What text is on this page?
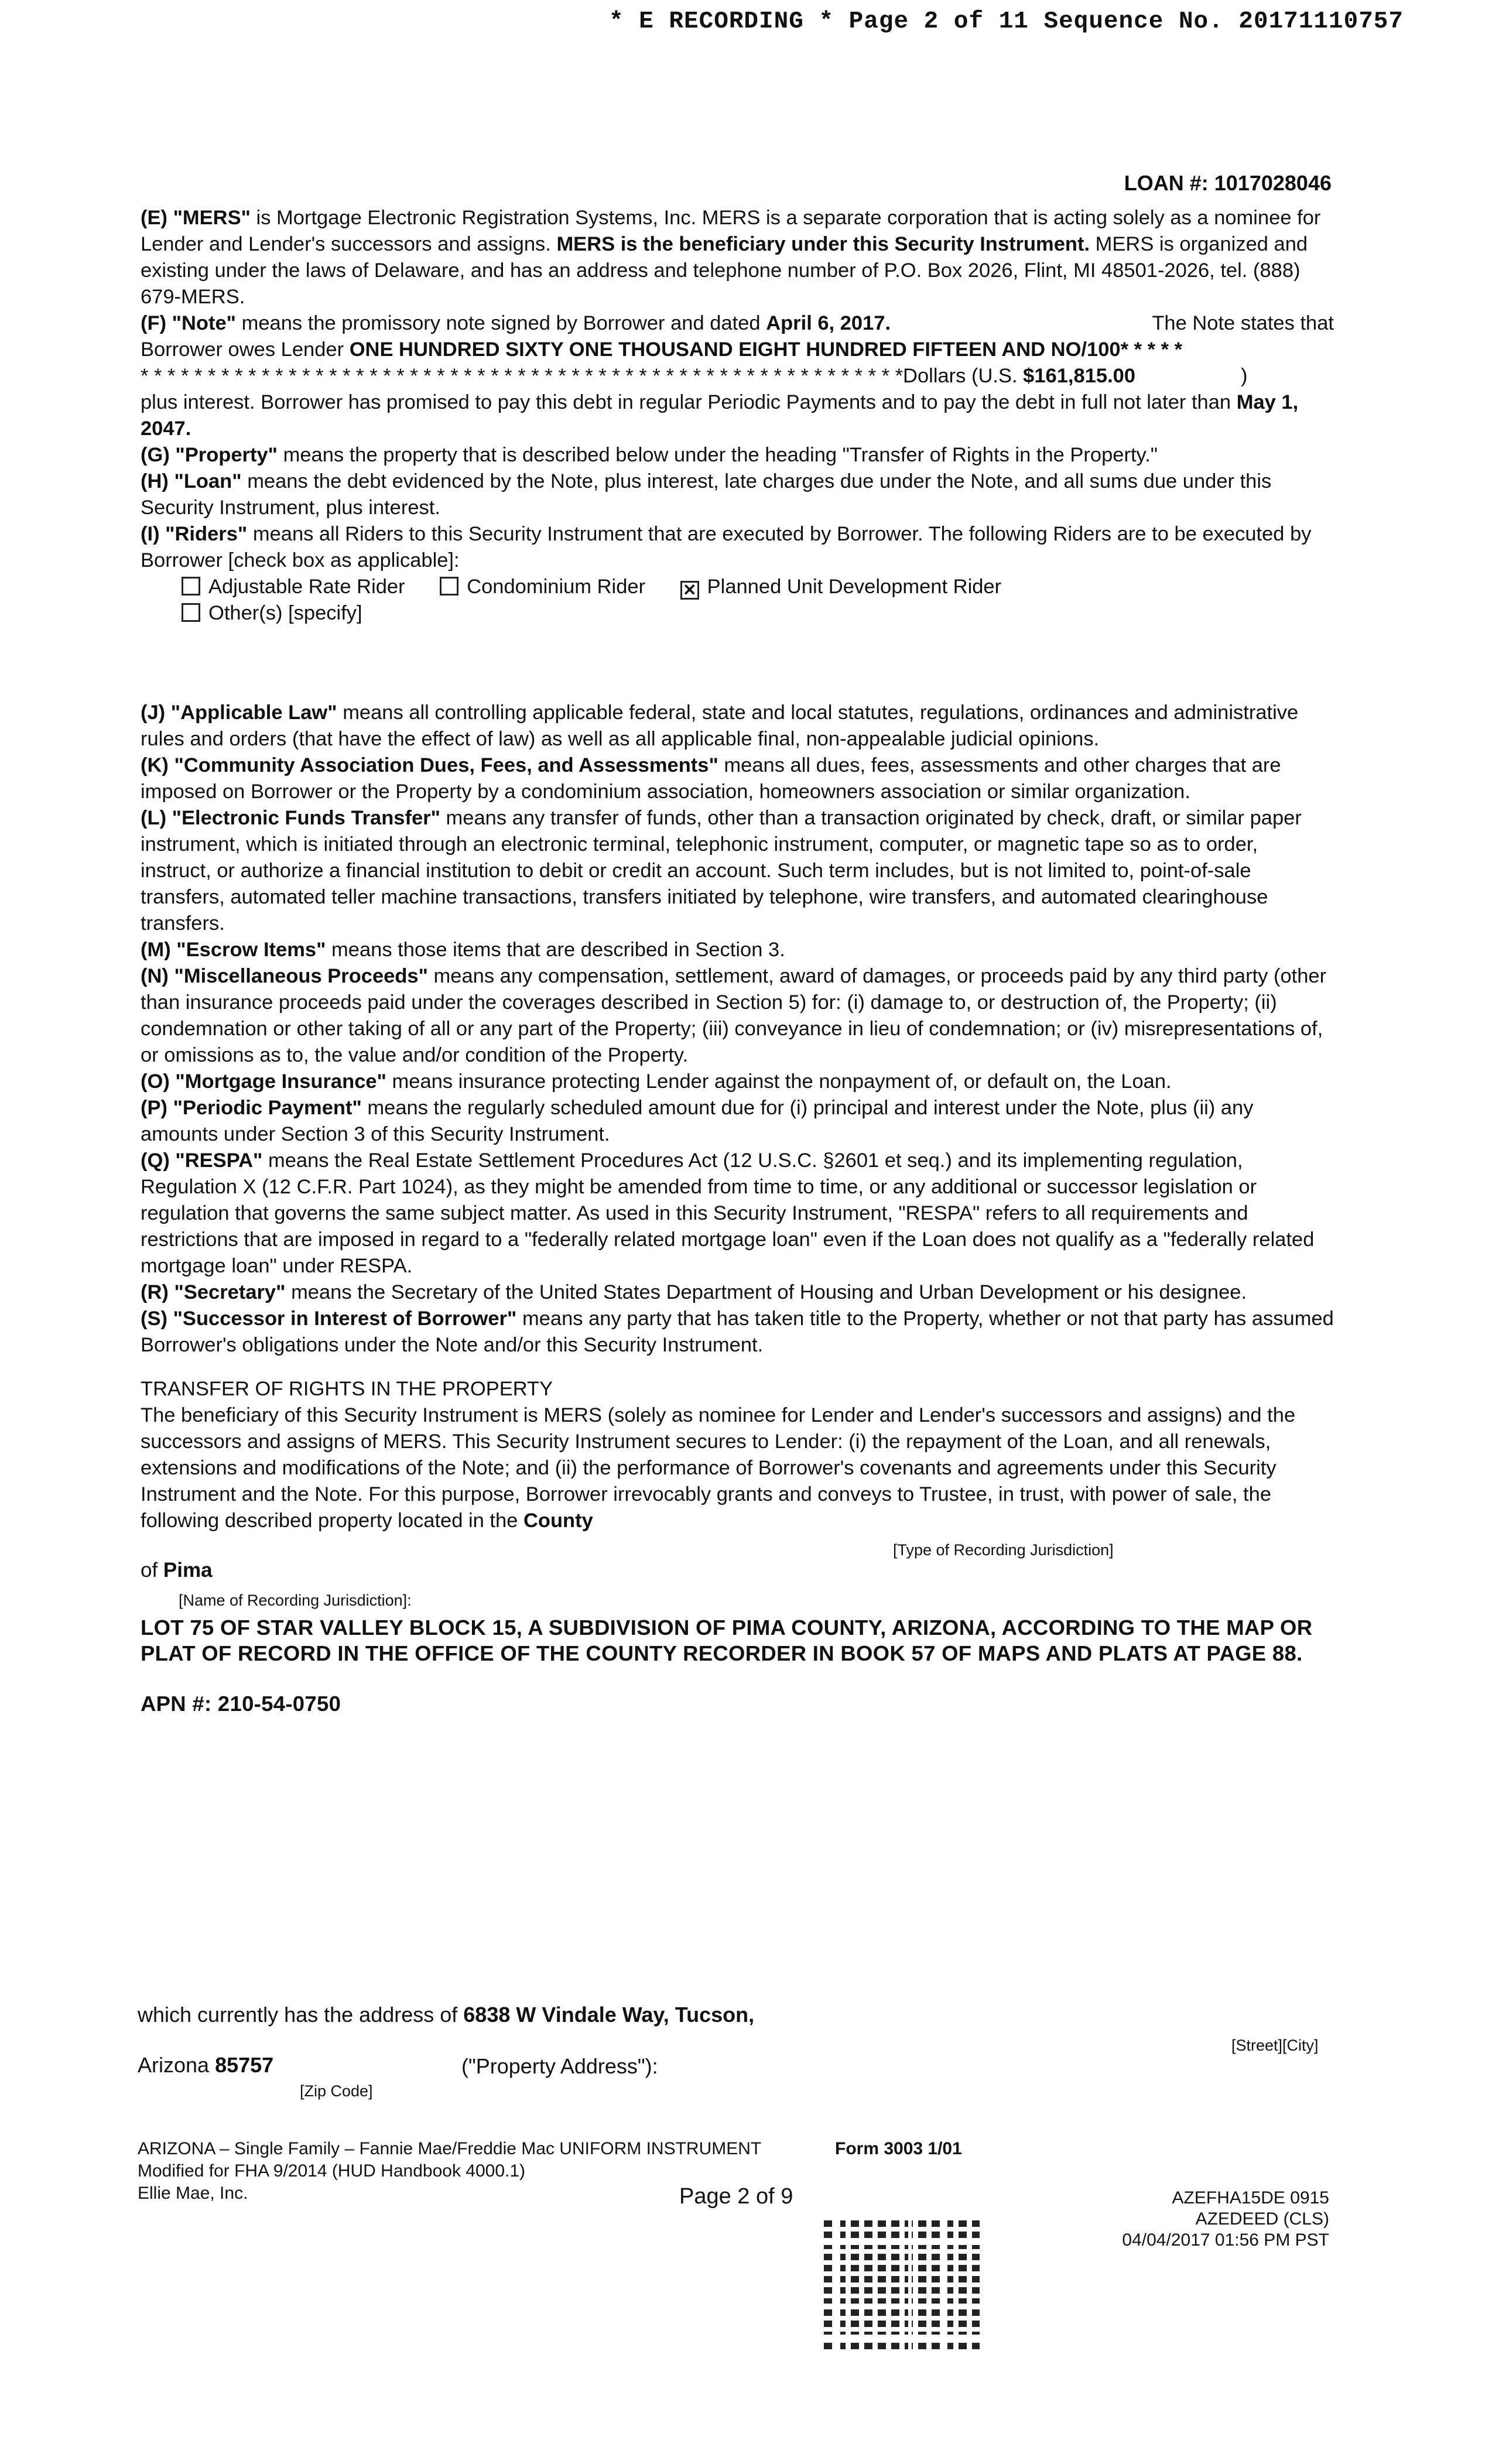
* E RECORDING * Page 2 of 11 Sequence No. 20171110757
LOAN #: 1017028046

(E) "MERS" is Mortgage Electronic Registration Systems, Inc. MERS is a separate corporation that is acting solely as a nominee for Lender and Lender's successors and assigns. MERS is the beneficiary under this Security Instrument. MERS is organized and existing under the laws of Delaware, and has an address and telephone number of P.O. Box 2026, Flint, MI 48501-2026, tel. (888) 679-MERS.

The Note states that
(F) "Note" means the promissory note signed by Borrower and dated April 6, 2017.

Borrower owes Lender ONE HUNDRED SIXTY ONE THOUSAND EIGHT HUNDRED FIFTEEN AND NO/100* * * * *

* * * * * * * * * * * * * * * * * * * * * * * * * * * * * * * * * * * * * * * * * * * * * * * * * * * * * * * * *Dollars (U.S. $161,815.00	)

plus interest. Borrower has promised to pay this debt in regular Periodic Payments and to pay the debt in full not later than May 1, 2047.

(G) "Property" means the property that is described below under the heading "Transfer of Rights in the Property."

(H) "Loan" means the debt evidenced by the Note, plus interest, late charges due under the Note, and all sums due under this Security Instrument, plus interest.

(I) "Riders" means all Riders to this Security Instrument that are executed by Borrower. The following Riders are to be executed by Borrower [check box as applicable]:

Adjustable Rate Rider	Condominium Rider ✕ Planned Unit Development Rider
Other(s) [specify]

(J) "Applicable Law" means all controlling applicable federal, state and local statutes, regulations, ordinances and administrative rules and orders (that have the effect of law) as well as all applicable final, non-appealable judicial opinions.

(K) "Community Association Dues, Fees, and Assessments" means all dues, fees, assessments and other charges that are imposed on Borrower or the Property by a condominium association, homeowners association or similar organization.

(L) "Electronic Funds Transfer" means any transfer of funds, other than a transaction originated by check, draft, or similar paper instrument, which is initiated through an electronic terminal, telephonic instrument, computer, or magnetic tape so as to order, instruct, or authorize a financial institution to debit or credit an account. Such term includes, but is not limited to, point-of-sale transfers, automated teller machine transactions, transfers initiated by telephone, wire transfers, and automated clearinghouse transfers.

(M) "Escrow Items" means those items that are described in Section 3.

(N) "Miscellaneous Proceeds" means any compensation, settlement, award of damages, or proceeds paid by any third party (other than insurance proceeds paid under the coverages described in Section 5) for: (i) damage to, or destruction of, the Property; (ii) condemnation or other taking of all or any part of the Property; (iii) conveyance in lieu of condemnation; or (iv) misrepresentations of, or omissions as to, the value and/or condition of the Property.

(O) "Mortgage Insurance" means insurance protecting Lender against the nonpayment of, or default on, the Loan.

(P) "Periodic Payment" means the regularly scheduled amount due for (i) principal and interest under the Note, plus (ii) any amounts under Section 3 of this Security Instrument.

(Q) "RESPA" means the Real Estate Settlement Procedures Act (12 U.S.C. §2601 et seq.) and its implementing regulation, Regulation X (12 C.F.R. Part 1024), as they might be amended from time to time, or any additional or successor legislation or regulation that governs the same subject matter. As used in this Security Instrument, "RESPA" refers to all requirements and restrictions that are imposed in regard to a "federally related mortgage loan" even if the Loan does not qualify as a "federally related mortgage loan" under RESPA.

(R) "Secretary" means the Secretary of the United States Department of Housing and Urban Development or his designee.

(S) "Successor in Interest of Borrower" means any party that has taken title to the Property, whether or not that party has assumed Borrower's obligations under the Note and/or this Security Instrument.

TRANSFER OF RIGHTS IN THE PROPERTY

The beneficiary of this Security Instrument is MERS (solely as nominee for Lender and Lender's successors and assigns) and the successors and assigns of MERS. This Security Instrument secures to Lender: (i) the repayment of the Loan, and all renewals, extensions and modifications of the Note; and (ii) the performance of Borrower's covenants and agreements under this Security Instrument and the Note. For this purpose, Borrower irrevocably grants and conveys to Trustee, in trust, with power of sale, the following described property located in the County

[Type of Recording Jurisdiction]
of Pima
[Name of Recording Jurisdiction]:
LOT 75 OF STAR VALLEY BLOCK 15, A SUBDIVISION OF PIMA COUNTY, ARIZONA, ACCORDING TO THE MAP OR PLAT OF RECORD IN THE OFFICE OF THE COUNTY RECORDER IN BOOK 57 OF MAPS AND PLATS AT PAGE 88.
APN #: 210-54-0750
which currently has the address of 6838 W Vindale Way, Tucson,
[Street][City]
Arizona 85757	("Property Address"):
[Zip Code]
ARIZONA – Single Family – Fannie Mae/Freddie Mac UNIFORM INSTRUMENT	Form 3003 1/01
Modified for FHA 9/2014 (HUD Handbook 4000.1)
Ellie Mae, Inc.	Page 2 of 9	AZEFHA15DE 0915
AZEDEED (CLS)
04/04/2017 01:56 PM PST
